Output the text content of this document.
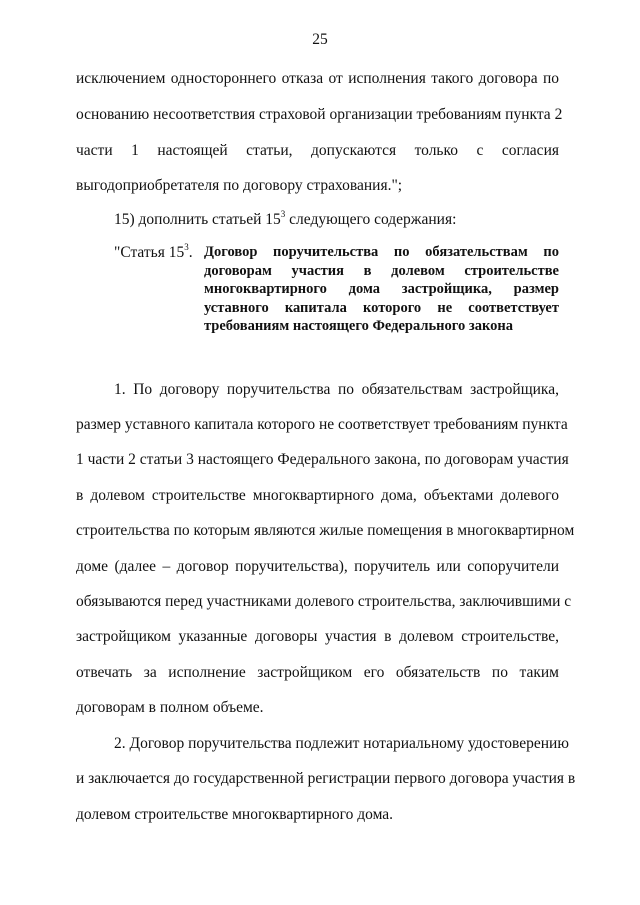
25
исключением одностороннего отказа от исполнения такого договора по
основанию несоответствия страховой организации требованиям пункта 2
части 1 настоящей статьи, допускаются только с согласия
выгодоприобретателя по договору страхования.";
15) дополнить статьей $15^3$ следующего содержания:
"Статья $15^3$. Договор поручительства по обязательствам по
договорам участия в долевом строительстве
многоквартирного дома застройщика, размер
уставного капитала которого не соответствует
требованиям настоящего Федерального закона
1. По договору поручительства по обязательствам застройщика,
размер уставного капитала которого не соответствует требованиям пункта
1 части 2 статьи 3 настоящего Федерального закона, по договорам участия
в долевом строительстве многоквартирного дома, объектами долевого
строительства по которым являются жилые помещения в многоквартирном
доме (далее – договор поручительства), поручитель или сопоручители
обязываются перед участниками долевого строительства, заключившими с
застройщиком указанные договоры участия в долевом строительстве,
отвечать за исполнение застройщиком его обязательств по таким
договорам в полном объеме.
2. Договор поручительства подлежит нотариальному удостоверению
и заключается до государственной регистрации первого договора участия в
долевом строительстве многоквартирного дома.
